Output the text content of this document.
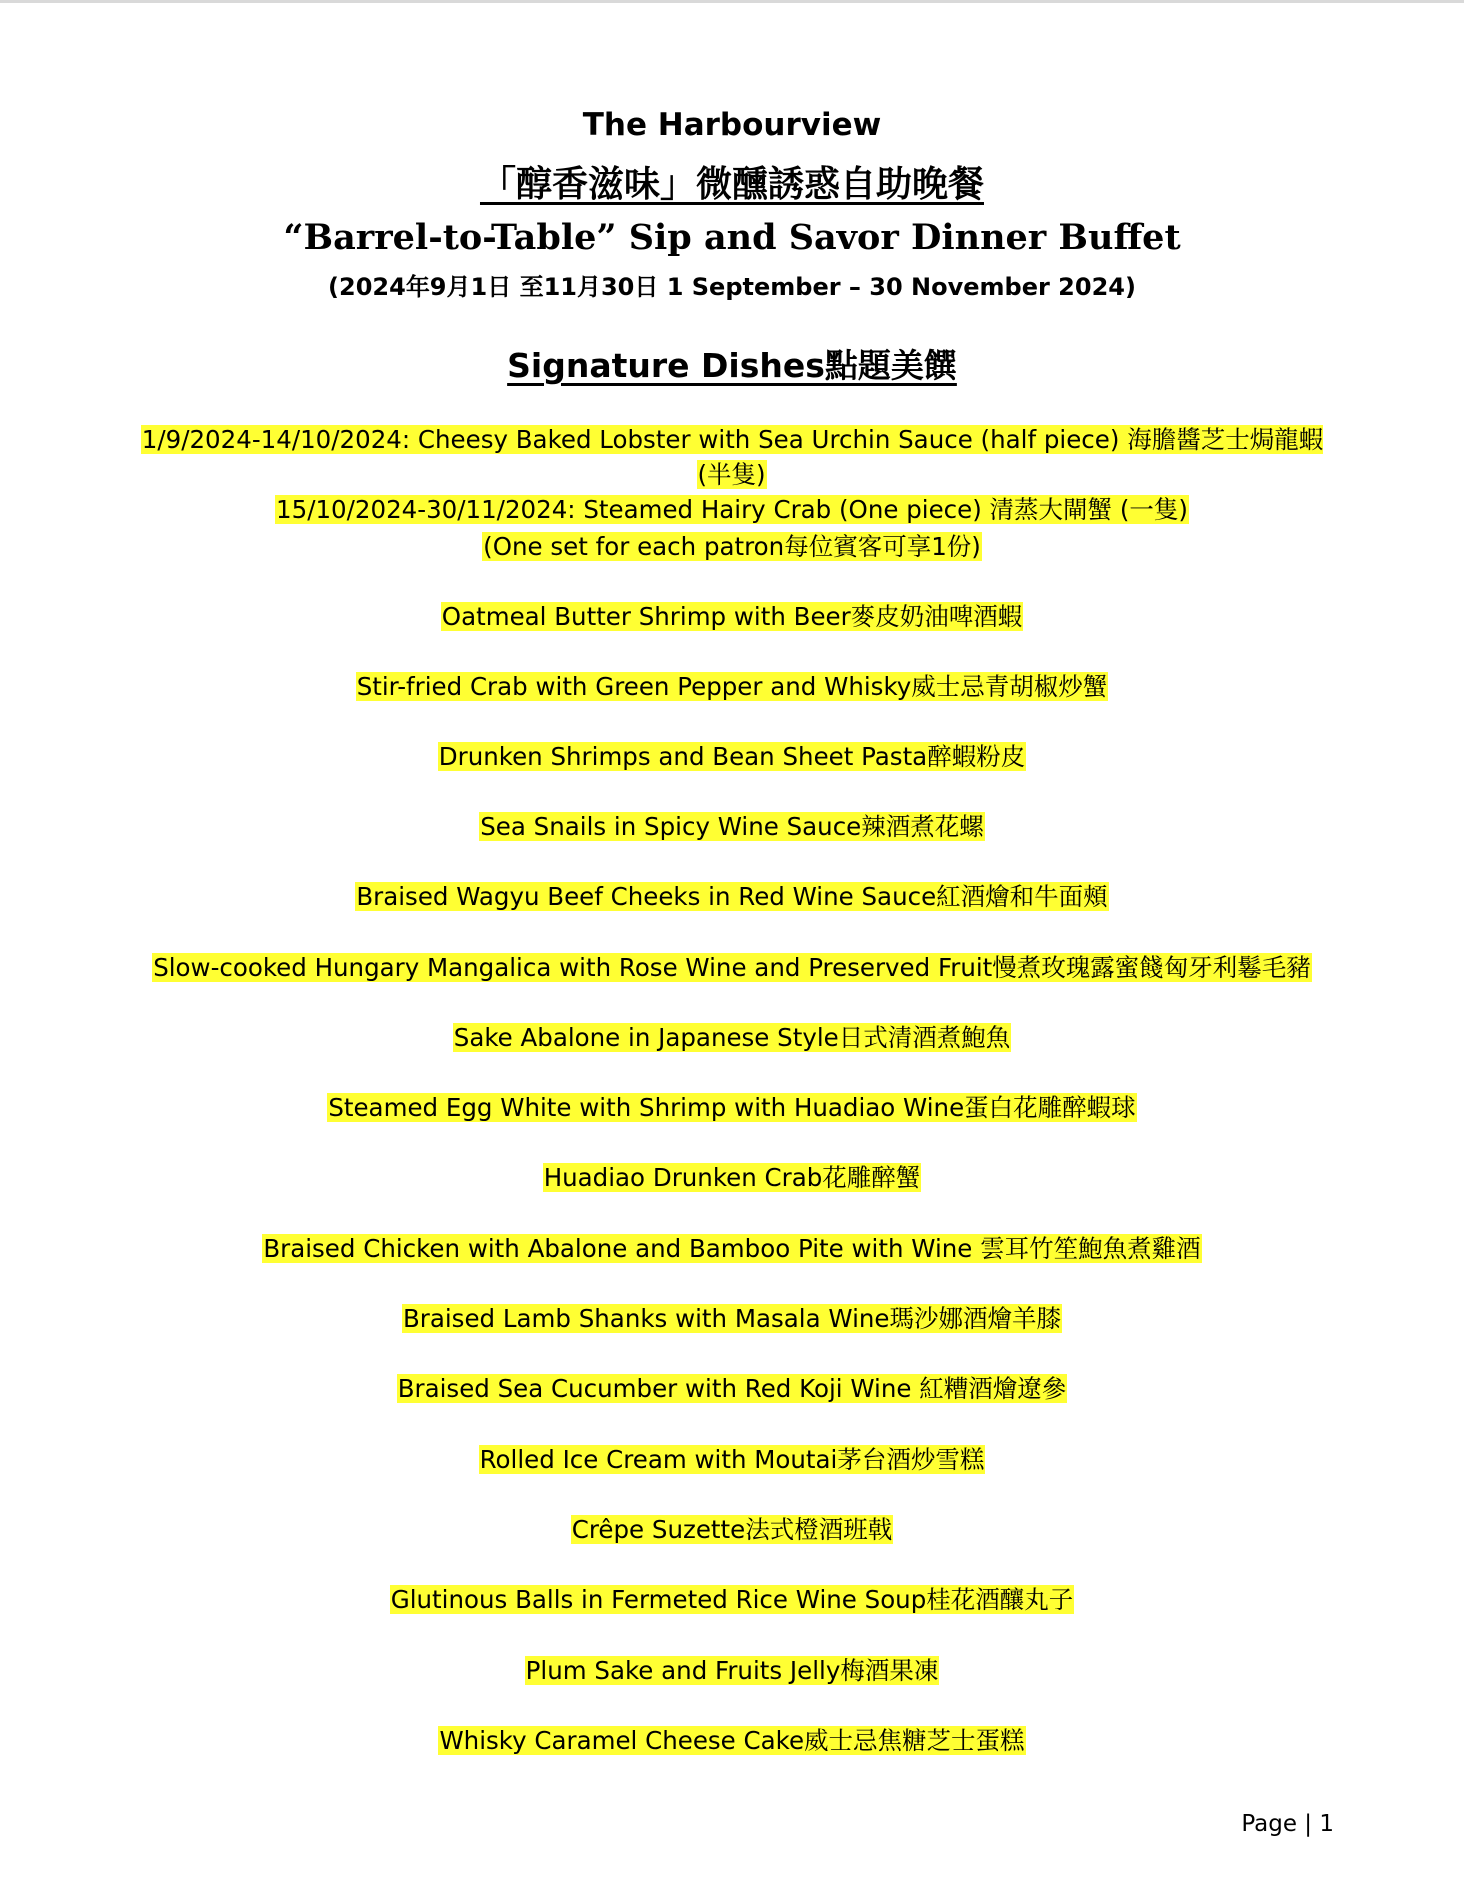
The Harbourview
「醇香滋味」微醺誘惑自助晚餐
“Barrel-to-Table” Sip and Savor Dinner Buffet
(2024年9月1日 至11月30日 1 September – 30 November 2024)
Signature Dishes點題美饌
1/9/2024-14/10/2024: Cheesy Baked Lobster with Sea Urchin Sauce (half piece) 海膽醬芝士焗龍蝦 (半隻)
15/10/2024-30/11/2024: Steamed Hairy Crab (One piece) 清蒸大閘蟹 (一隻)
(One set for each patron每位賓客可享1份)
Oatmeal Butter Shrimp with Beer麥皮奶油啤酒蝦
Stir-fried Crab with Green Pepper and Whisky威士忌青胡椒炒蟹
Drunken Shrimps and Bean Sheet Pasta醉蝦粉皮
Sea Snails in Spicy Wine Sauce辣酒煮花螺
Braised Wagyu Beef Cheeks in Red Wine Sauce紅酒燴和牛面頰
Slow-cooked Hungary Mangalica with Rose Wine and Preserved Fruit慢煮玫瑰露蜜餞匈牙利鬈毛豬
Sake Abalone in Japanese Style日式清酒煮鮑魚
Steamed Egg White with Shrimp with Huadiao Wine蛋白花雕醉蝦球
Huadiao Drunken Crab花雕醉蟹
Braised Chicken with Abalone and Bamboo Pite with Wine 雲耳竹笙鮑魚煮雞酒
Braised Lamb Shanks with Masala Wine瑪沙娜酒燴羊膝
Braised Sea Cucumber with Red Koji Wine 紅糟酒燴遼參
Rolled Ice Cream with Moutai茅台酒炒雪糕
Crêpe Suzette法式橙酒班戟
Glutinous Balls in Fermeted Rice Wine Soup桂花酒釀丸子
Plum Sake and Fruits Jelly梅酒果凍
Whisky Caramel Cheese Cake威士忌焦糖芝士蛋糕
Page | 1
